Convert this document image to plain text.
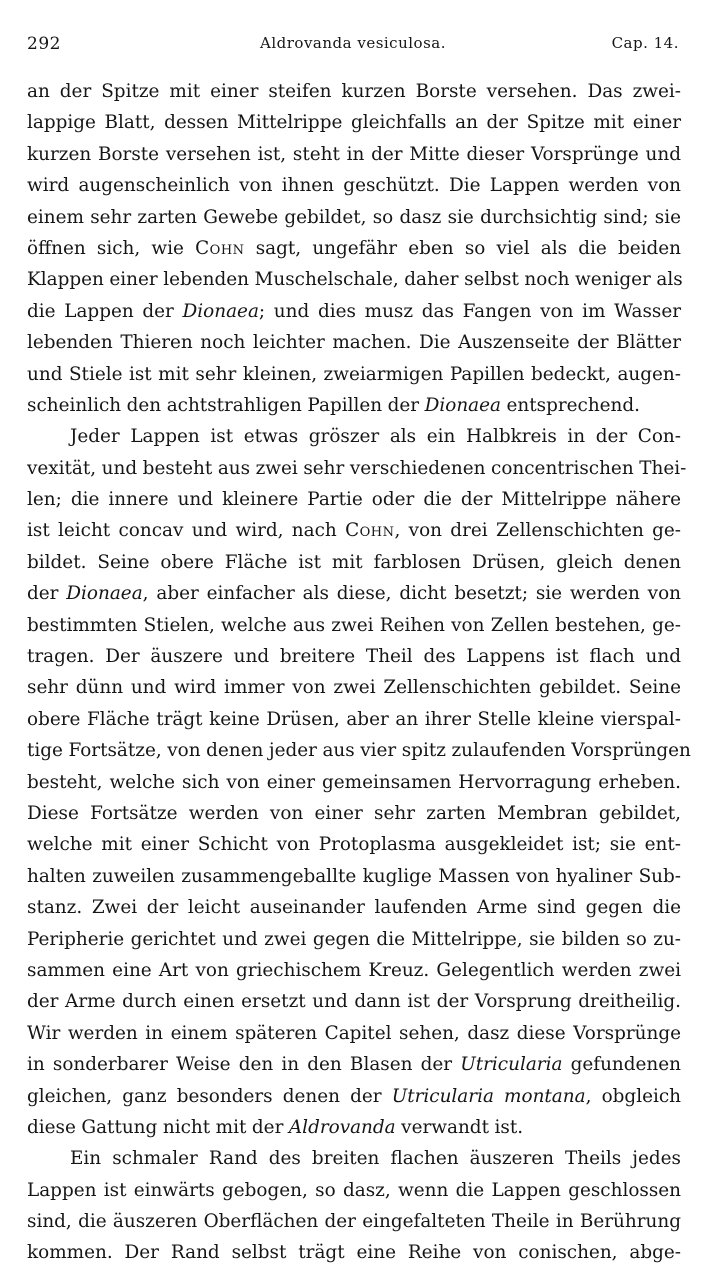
292	Aldrovanda vesiculosa.	Cap. 14.
an der Spitze mit einer steifen kurzen Borste versehen. Das zwei-
lappige Blatt, dessen Mittelrippe gleichfalls an der Spitze mit einer
kurzen Borste versehen ist, steht in der Mitte dieser Vorsprünge und
wird augenscheinlich von ihnen geschützt. Die Lappen werden von
einem sehr zarten Gewebe gebildet, so dasz sie durchsichtig sind; sie
öffnen sich, wie Cohn sagt, ungefähr eben so viel als die beiden
Klappen einer lebenden Muschelschale, daher selbst noch weniger als
die Lappen der Dionaea; und dies musz das Fangen von im Wasser
lebenden Thieren noch leichter machen. Die Auszenseite der Blätter
und Stiele ist mit sehr kleinen, zweiarmigen Papillen bedeckt, augen-
scheinlich den achtstrahligen Papillen der Dionaea entsprechend.
Jeder Lappen ist etwas gröszer als ein Halbkreis in der Con-
vexität, und besteht aus zwei sehr verschiedenen concentrischen Thei-
len; die innere und kleinere Partie oder die der Mittelrippe nähere
ist leicht concav und wird, nach Cohn, von drei Zellenschichten ge-
bildet. Seine obere Fläche ist mit farblosen Drüsen, gleich denen
der Dionaea, aber einfacher als diese, dicht besetzt; sie werden von
bestimmten Stielen, welche aus zwei Reihen von Zellen bestehen, ge-
tragen. Der äuszere und breitere Theil des Lappens ist flach und
sehr dünn und wird immer von zwei Zellenschichten gebildet. Seine
obere Fläche trägt keine Drüsen, aber an ihrer Stelle kleine vierspal-
tige Fortsätze, von denen jeder aus vier spitz zulaufenden Vorsprüngen
besteht, welche sich von einer gemeinsamen Hervorragung erheben.
Diese Fortsätze werden von einer sehr zarten Membran gebildet,
welche mit einer Schicht von Protoplasma ausgekleidet ist; sie ent-
halten zuweilen zusammengeballte kuglige Massen von hyaliner Sub-
stanz. Zwei der leicht auseinander laufenden Arme sind gegen die
Peripherie gerichtet und zwei gegen die Mittelrippe, sie bilden so zu-
sammen eine Art von griechischem Kreuz. Gelegentlich werden zwei
der Arme durch einen ersetzt und dann ist der Vorsprung dreitheilig.
Wir werden in einem späteren Capitel sehen, dasz diese Vorsprünge
in sonderbarer Weise den in den Blasen der Utricularia gefundenen
gleichen, ganz besonders denen der Utricularia montana, obgleich
diese Gattung nicht mit der Aldrovanda verwandt ist.
Ein schmaler Rand des breiten flachen äuszeren Theils jedes
Lappen ist einwärts gebogen, so dasz, wenn die Lappen geschlossen
sind, die äuszeren Oberflächen der eingefalteten Theile in Berührung
kommen. Der Rand selbst trägt eine Reihe von conischen, abge-
